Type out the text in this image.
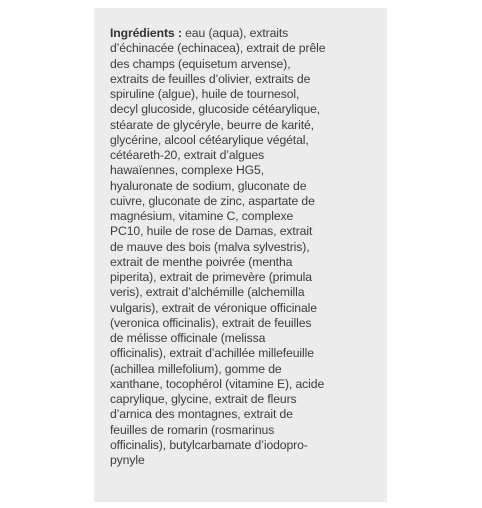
Ingrédients : eau (aqua), extraits
d’échinacée (echinacea), extrait de prêle
des champs (equisetum arvense),
extraits de feuilles d’olivier, extraits de
spiruline (algue), huile de tournesol,
decyl glucoside, glucoside cétéarylique,
stéarate de glycéryle, beurre de karité,
glycérine, alcool cétéarylique végétal,
cétéareth-20, extrait d’algues
hawaïennes, complexe HG5,
hyaluronate de sodium, gluconate de
cuivre, gluconate de zinc, aspartate de
magnésium, vitamine C, complexe
PC10, huile de rose de Damas, extrait
de mauve des bois (malva sylvestris),
extrait de menthe poivrée (mentha
piperita), extrait de primevère (primula
veris), extrait d’alchémille (alchemilla
vulgaris), extrait de véronique officinale
(veronica officinalis), extrait de feuilles
de mélisse officinale (melissa
officinalis), extrait d’achillée millefeuille
(achillea millefolium), gomme de
xanthane, tocophérol (vitamine E), acide
caprylique, glycine, extrait de fleurs
d’arnica des montagnes, extrait de
feuilles de romarin (rosmarinus
officinalis), butylcarbamate d’iodopro-
pynyle
